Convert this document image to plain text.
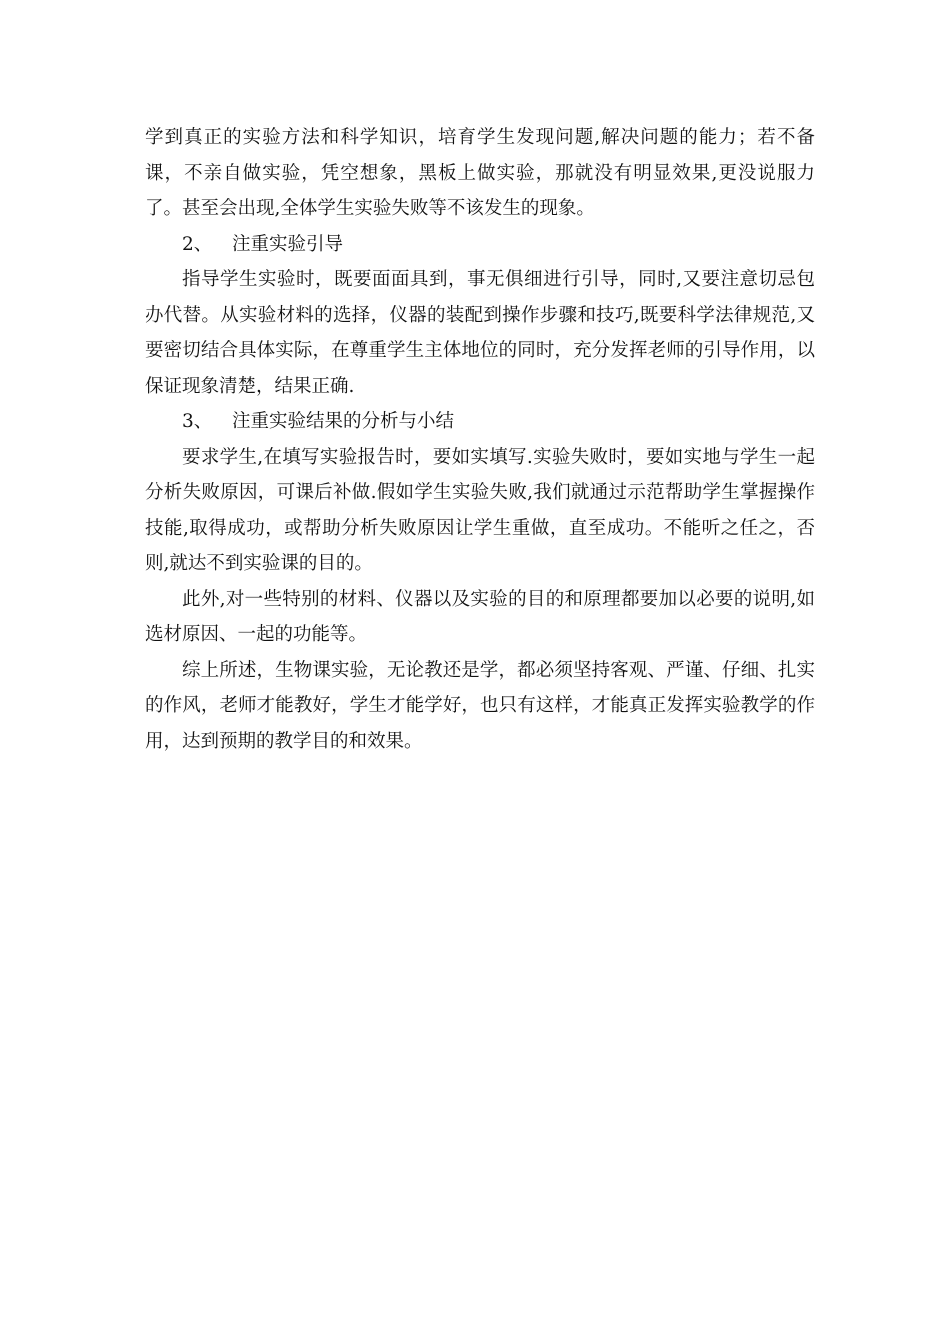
学到真正的实验方法和科学知识，培育学生发现问题,解决问题的能力；若不备课，不亲自做实验，凭空想象，黑板上做实验，那就没有明显效果,更没说服力了。甚至会出现,全体学生实验失败等不该发生的现象。

2、 注重实验引导

指导学生实验时，既要面面具到，事无俱细进行引导，同时,又要注意切忌包办代替。从实验材料的选择，仪器的装配到操作步骤和技巧,既要科学法律规范,又要密切结合具体实际，在尊重学生主体地位的同时，充分发挥老师的引导作用，以保证现象清楚，结果正确.

3、 注重实验结果的分析与小结

要求学生,在填写实验报告时，要如实填写.实验失败时，要如实地与学生一起分析失败原因，可课后补做.假如学生实验失败,我们就通过示范帮助学生掌握操作技能,取得成功，或帮助分析失败原因让学生重做，直至成功。不能听之任之，否则,就达不到实验课的目的。

此外,对一些特别的材料、仪器以及实验的目的和原理都要加以必要的说明,如选材原因、一起的功能等。

综上所述，生物课实验，无论教还是学，都必须坚持客观、严谨、仔细、扎实的作风，老师才能教好，学生才能学好，也只有这样，才能真正发挥实验教学的作用，达到预期的教学目的和效果。
